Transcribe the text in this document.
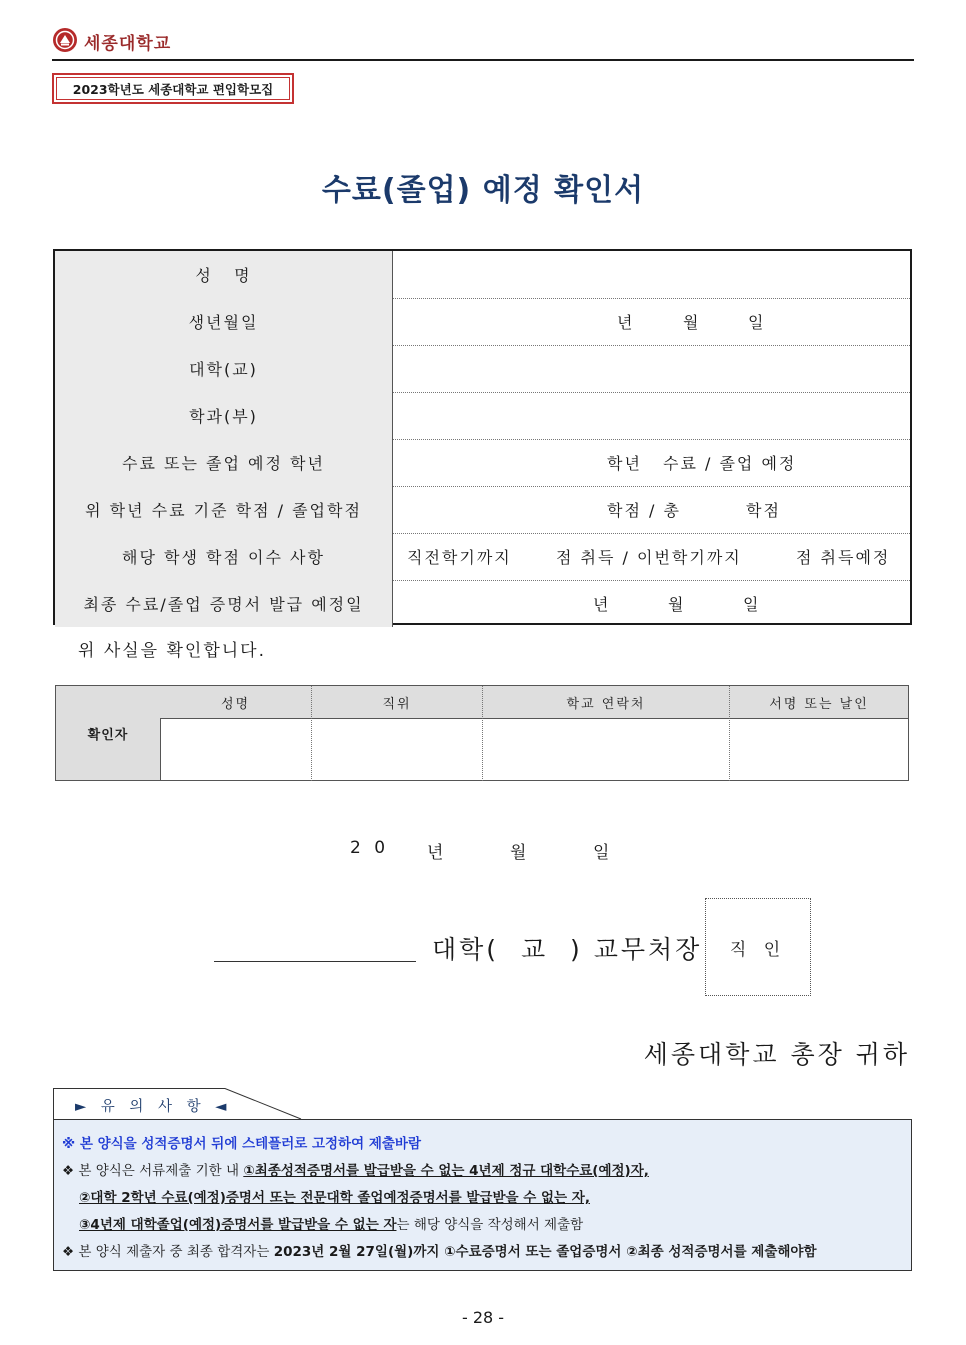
세종대학교
2023학년도 세종대학교 편입학모집
수료(졸업) 예정 확인서
성   명
생년월일	년	월	일
대학(교)
학과(부)
수료 또는 졸업 예정 학년	학년 수료 / 졸업 예정
위 학년 수료 기준 학점 / 졸업학점	학점 / 총	학점
해당 학생 학점 이수 사항	직전학기까지	점 취득 / 이번학기까지	점 취득예정
최종 수료/졸업 증명서 발급 예정일	년	월	일
위 사실을 확인합니다.
확인자
성명	직위	학교 연락처	서명 또는 날인
2 0 년	월	일
대학(  교  ) 교무처장	직 인
세종대학교 총장 귀하
► 유 의 사 항 ◄
※ 본 양식을 성적증명서 뒤에 스테플러로 고정하여 제출바람
❖ 본 양식은 서류제출 기한 내 ①최종성적증명서를 발급받을 수 없는 4년제 정규 대학수료(예정)자,
②대학 2학년 수료(예정)증명서 또는 전문대학 졸업예정증명서를 발급받을 수 없는 자,
③4년제 대학졸업(예정)증명서를 발급받을 수 없는 자는 해당 양식을 작성해서 제출함
❖ 본 양식 제출자 중 최종 합격자는 2023년 2월 27일(월)까지 ①수료증명서 또는 졸업증명서 ②최종 성적증명서를 제출해야함
- 28 -
